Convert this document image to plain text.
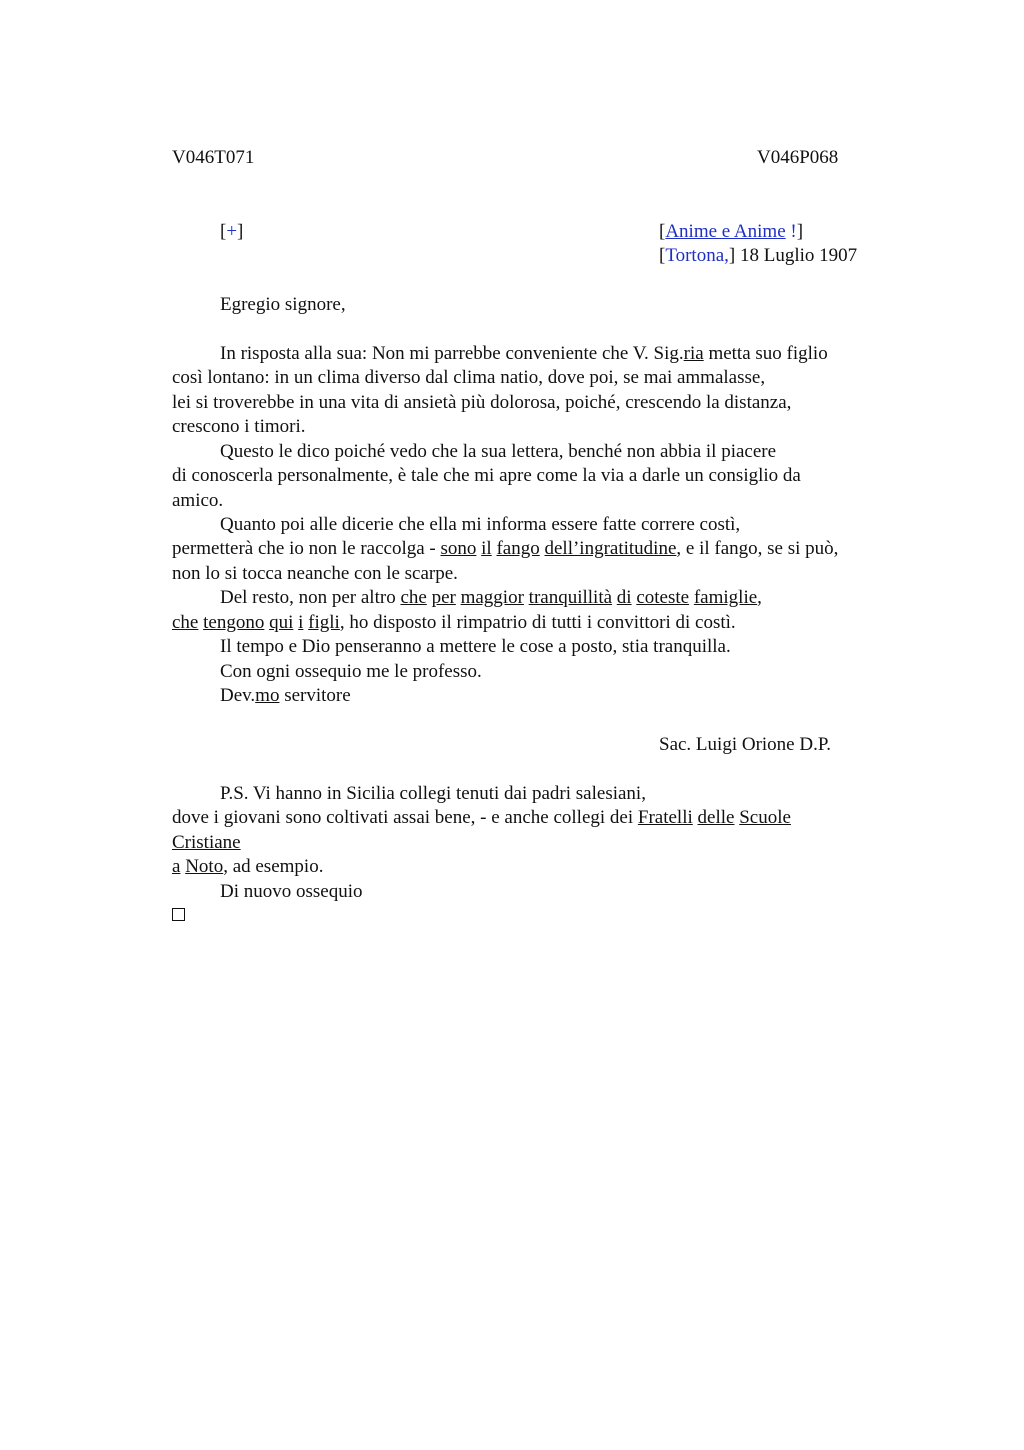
V046T071	V046P068
[+]	[Anime e Anime !]
[Tortona,] 18 Luglio 1907
Egregio signore,
In risposta alla sua: Non mi parrebbe conveniente che V. Sig.ria metta suo figlio
così lontano: in un clima diverso dal clima natio, dove poi, se mai ammalasse,
lei si troverebbe in una vita di ansietà più dolorosa, poiché, crescendo la distanza,
crescono i timori.
Questo le dico poiché vedo che la sua lettera, benché non abbia il piacere
di conoscerla personalmente, è tale che mi apre come la via a darle un consiglio da
amico.
Quanto poi alle dicerie che ella mi informa essere fatte correre costì,
permetterà che io non le raccolga - sono il fango dell’ingratitudine, e il fango, se si può,
non lo si tocca neanche con le scarpe.
Del resto, non per altro che per maggior tranquillità di coteste famiglie,
che tengono qui i figli, ho disposto il rimpatrio di tutti i convittori di costì.
Il tempo e Dio penseranno a mettere le cose a posto, stia tranquilla.
Con ogni ossequio me le professo.
Dev.mo servitore
Sac. Luigi Orione D.P.
P.S. Vi hanno in Sicilia collegi tenuti dai padri salesiani,
dove i giovani sono coltivati assai bene, - e anche collegi dei Fratelli delle Scuole
Cristiane
a Noto, ad esempio.
Di nuovo ossequio
